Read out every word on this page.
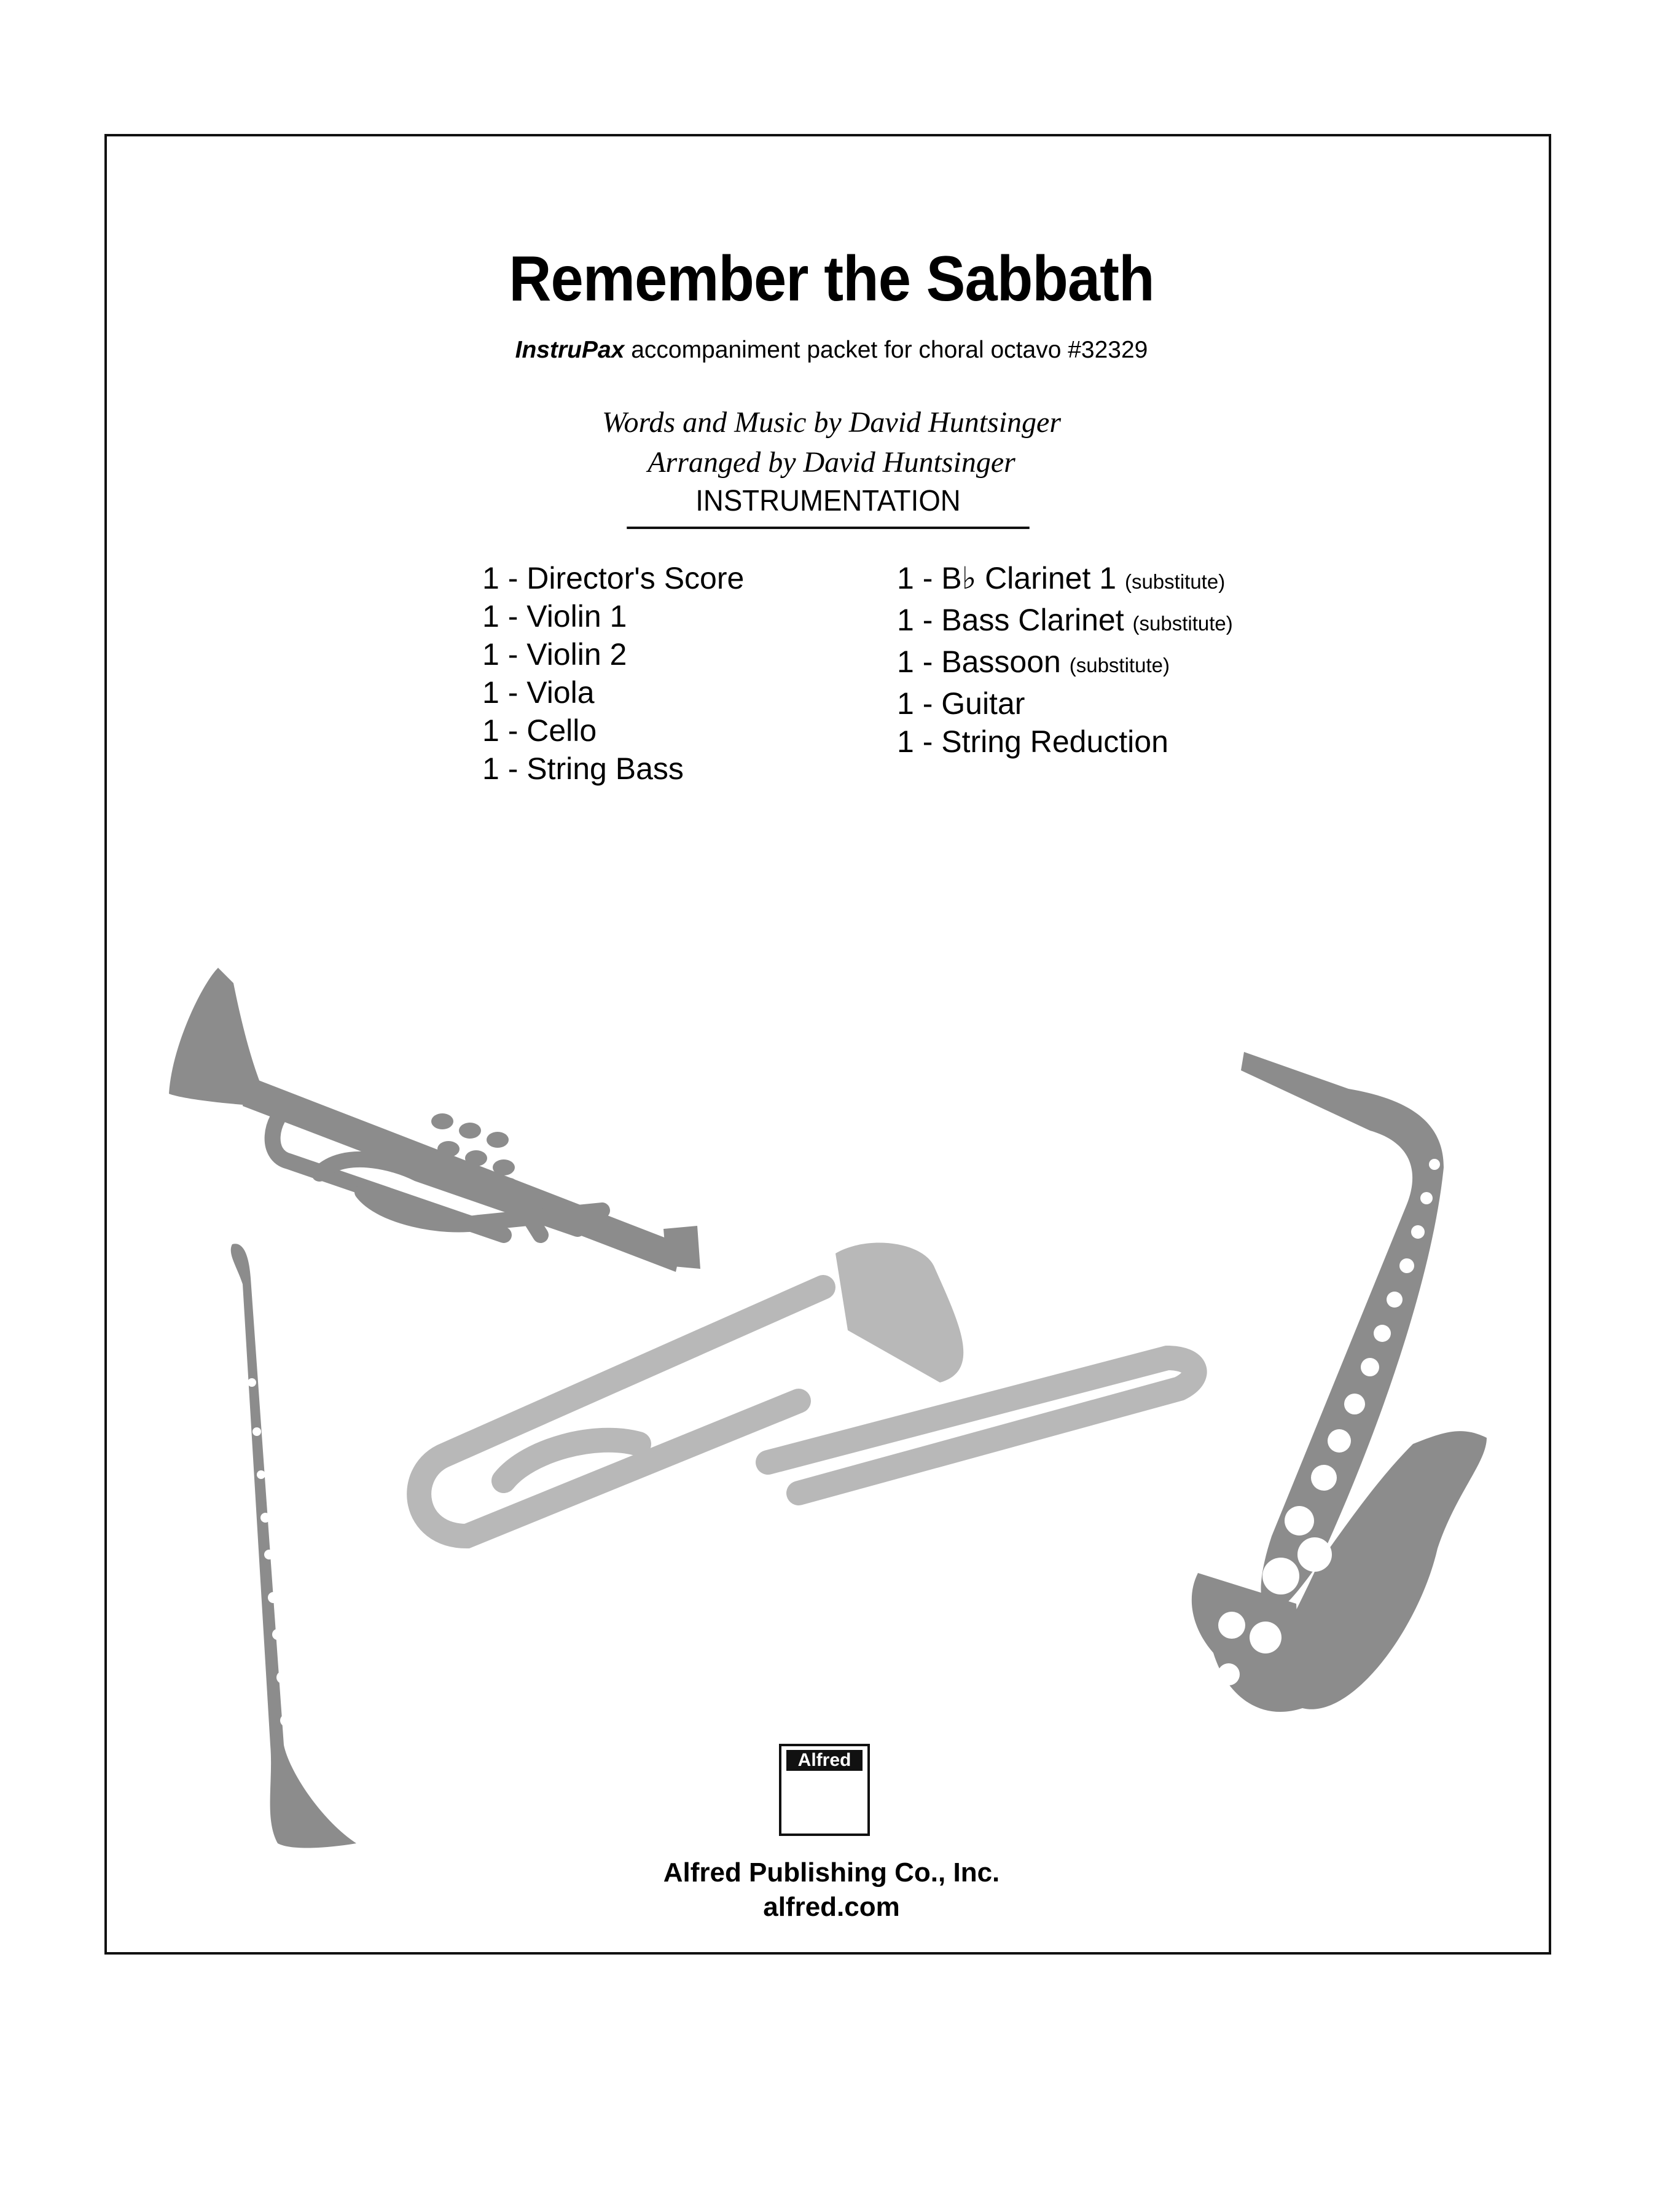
Remember the Sabbath
InstruPax accompaniment packet for choral octavo #32329
Words and Music by David Huntsinger
Arranged by David Huntsinger
INSTRUMENTATION
1 - Director's Score
1 - Violin 1
1 - Violin 2
1 - Viola
1 - Cello
1 - String Bass
1 - B♭ Clarinet 1 (substitute)
1 - Bass Clarinet (substitute)
1 - Bassoon (substitute)
1 - Guitar
1 - String Reduction
Alfred
Alfred Publishing Co., Inc.
alfred.com
